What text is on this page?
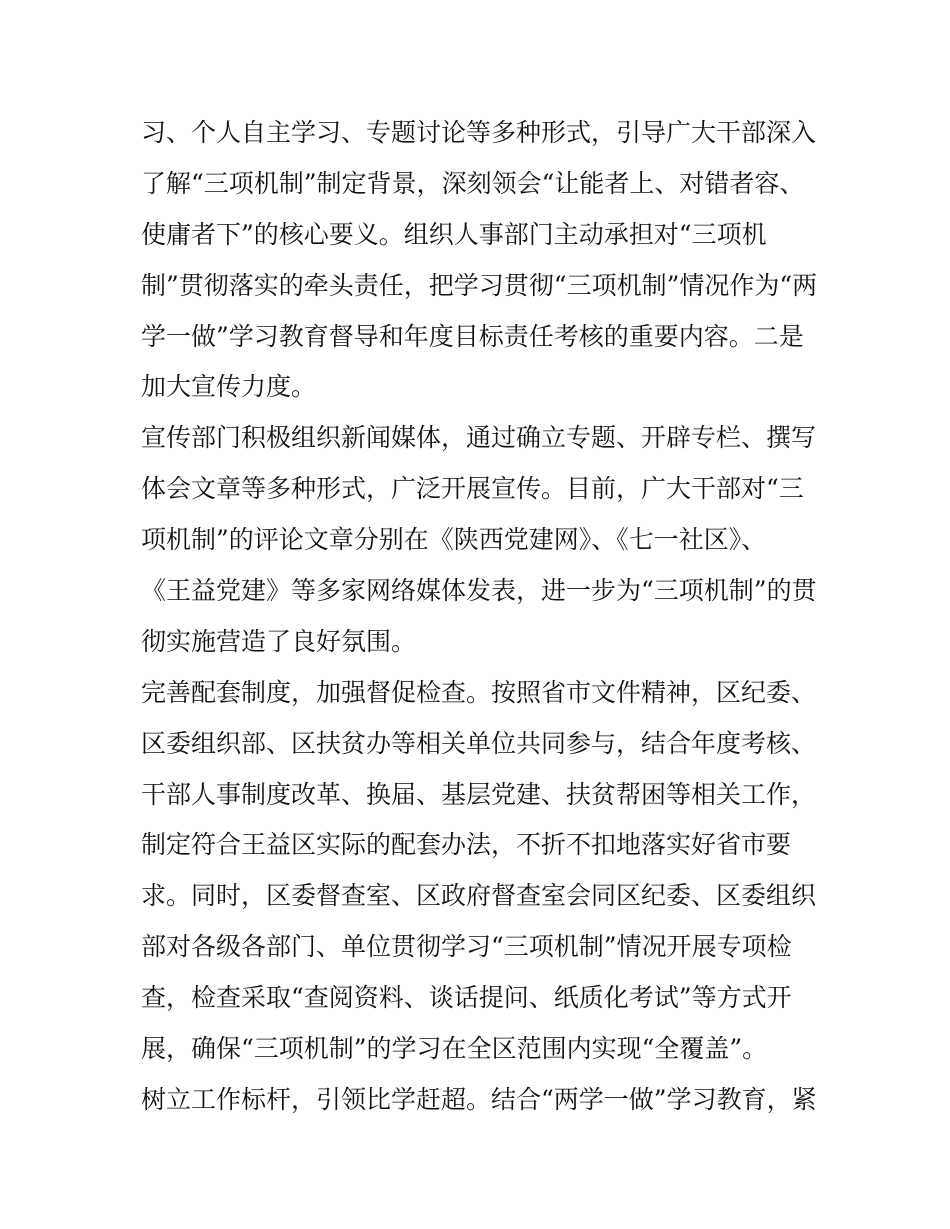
习、个人自主学习、专题讨论等多种形式，引导广大干部深入
了解“三项机制”制定背景，深刻领会“让能者上、对错者容、
使庸者下”的核心要义。组织人事部门主动承担对“三项机
制”贯彻落实的牵头责任，把学习贯彻“三项机制”情况作为“两
学一做”学习教育督导和年度目标责任考核的重要内容。二是
加大宣传力度。
宣传部门积极组织新闻媒体，通过确立专题、开辟专栏、撰写
体会文章等多种形式，广泛开展宣传。目前，广大干部对“三
项机制”的评论文章分别在《陕西党建网》、《七一社区》、
《王益党建》等多家网络媒体发表，进一步为“三项机制”的贯
彻实施营造了良好氛围。
完善配套制度，加强督促检查。按照省市文件精神，区纪委、
区委组织部、区扶贫办等相关单位共同参与，结合年度考核、
干部人事制度改革、换届、基层党建、扶贫帮困等相关工作，
制定符合王益区实际的配套办法，不折不扣地落实好省市要
求。同时，区委督查室、区政府督查室会同区纪委、区委组织
部对各级各部门、单位贯彻学习“三项机制”情况开展专项检
查，检查采取“查阅资料、谈话提问、纸质化考试”等方式开
展，确保“三项机制”的学习在全区范围内实现“全覆盖”。
树立工作标杆，引领比学赶超。结合“两学一做”学习教育，紧
